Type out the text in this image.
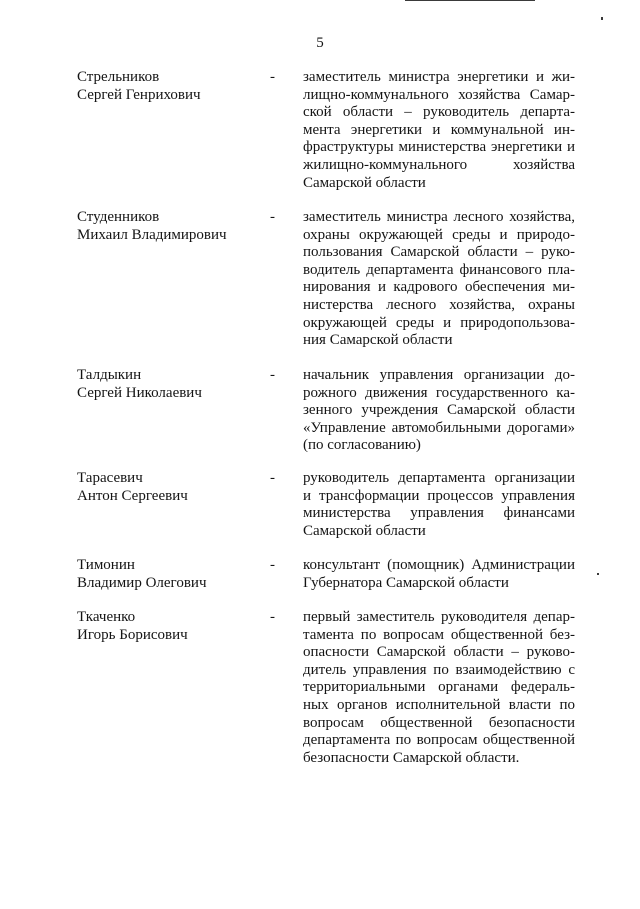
5
Стрельников
Сергей Генрихович
- заместитель министра энергетики и жилищно-коммунального хозяйства Самарской области – руководитель департамента энергетики и коммунальной инфраструктуры министерства энергетики и жилищно-коммунального хозяйства Самарской области
Студенников
Михаил Владимирович
- заместитель министра лесного хозяйства, охраны окружающей среды и природопользования Самарской области – руководитель департамента финансового планирования и кадрового обеспечения министерства лесного хозяйства, охраны окружающей среды и природопользования Самарской области
Талдыкин
Сергей Николаевич
- начальник управления организации дорожного движения государственного казенного учреждения Самарской области «Управление автомобильными дорогами» (по согласованию)
Тарасевич
Антон Сергеевич
- руководитель департамента организации и трансформации процессов управления министерства управления финансами Самарской области
Тимонин
Владимир Олегович
- консультант (помощник) Администрации Губернатора Самарской области
Ткаченко
Игорь Борисович
- первый заместитель руководителя департамента по вопросам общественной безопасности Самарской области – руководитель управления по взаимодействию с территориальными органами федеральных органов исполнительной власти по вопросам общественной безопасности департамента по вопросам общественной безопасности Самарской области.
